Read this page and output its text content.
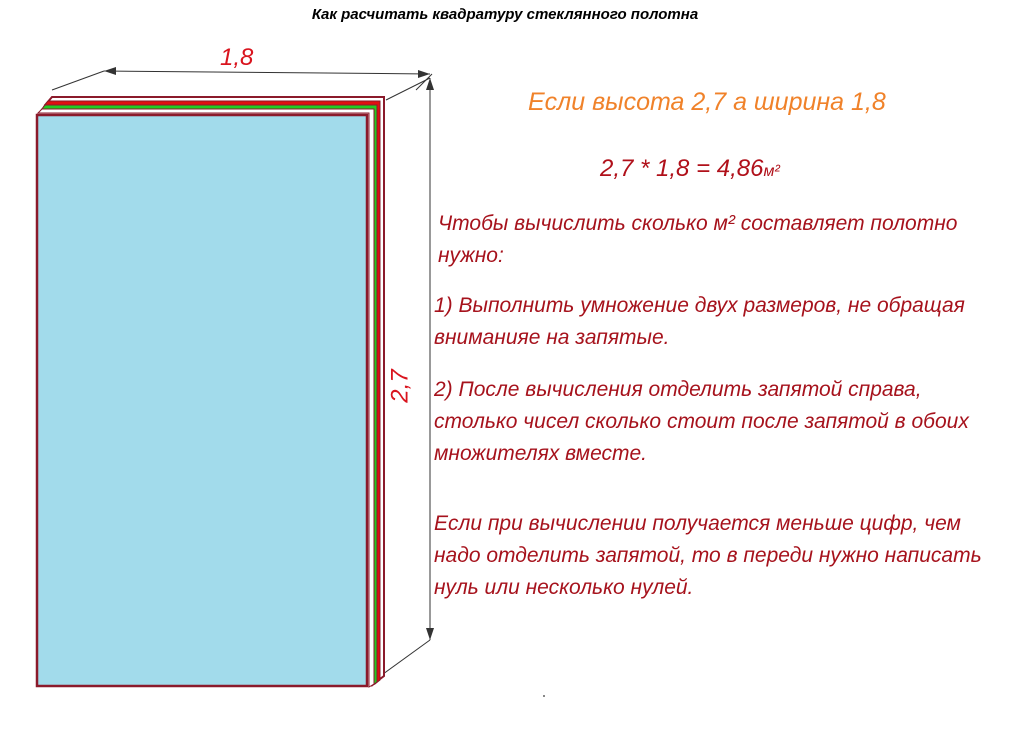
Как расчитать квадратуру стеклянного полотна
1,8
2,7
Если высота 2,7 а ширина 1,8
2,7 * 1,8 = 4,86м²
Чтобы вычислить сколько м² составляет полотно нужно:
1) Выполнить умножение двух размеров, не обращая вниманияе на запятые.
2) После вычисления отделить запятой справа, столько чисел сколько стоит после запятой в обоих множителях вместе.
Если при вычислении получается меньше цифр, чем надо отделить запятой, то в переди нужно написать нуль или несколько нулей.
